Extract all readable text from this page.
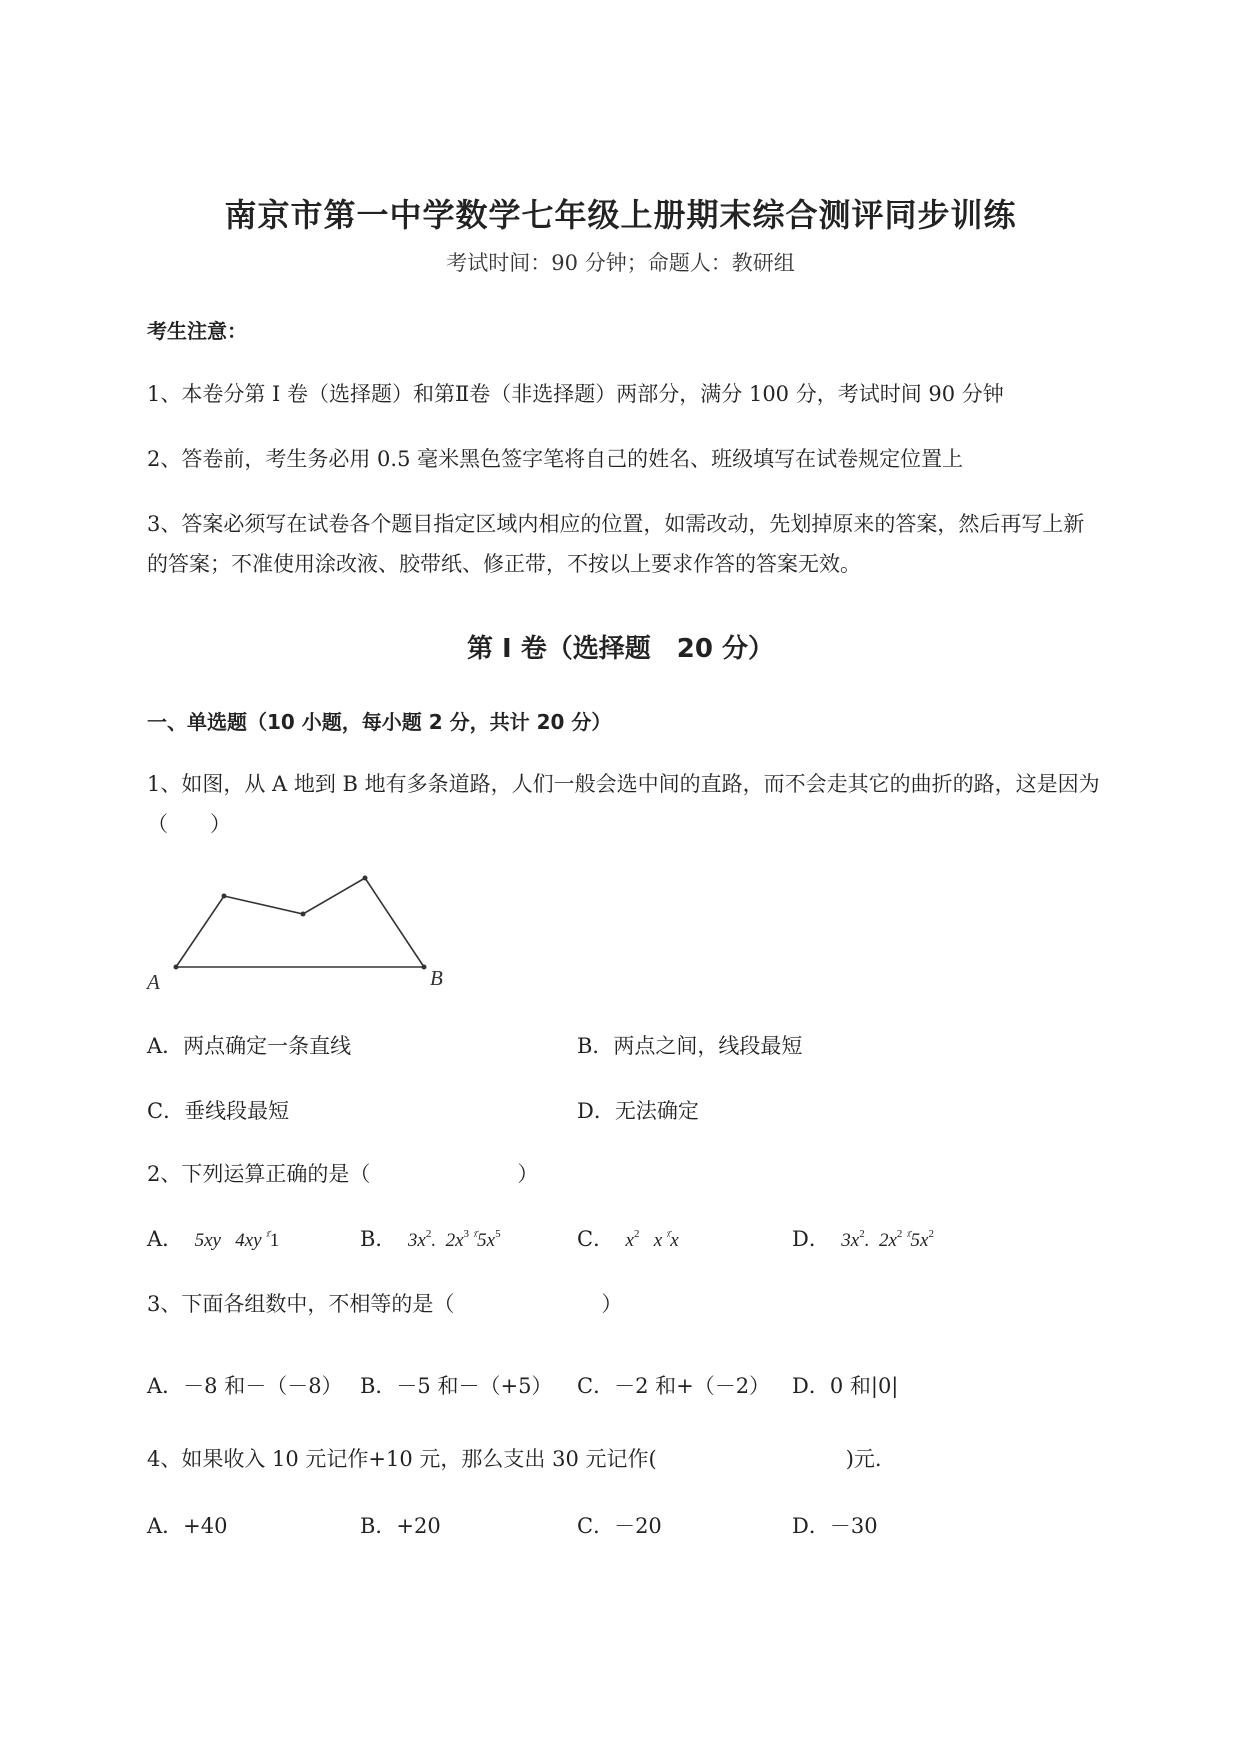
南京市第一中学数学七年级上册期末综合测评同步训练
考试时间：90 分钟；命题人：教研组
考生注意：
1、本卷分第 I 卷（选择题）和第Ⅱ卷（非选择题）两部分，满分 100 分，考试时间 90 分钟
2、答卷前，考生务必用 0.5 毫米黑色签字笔将自己的姓名、班级填写在试卷规定位置上
3、答案必须写在试卷各个题目指定区域内相应的位置，如需改动，先划掉原来的答案，然后再写上新
的答案；不准使用涂改液、胶带纸、修正带，不按以上要求作答的答案无效。
第 I 卷（选择题　20 分）
一、单选题（10 小题，每小题 2 分，共计 20 分）
1、如图，从 A 地到 B 地有多条道路，人们一般会选中间的直路，而不会走其它的曲折的路，这是因为
（　　）
A	B
A．两点确定一条直线	B．两点之间，线段最短
C．垂线段最短	D．无法确定
2、下列运算正确的是（　　　　　　　）
A． 5xy 4xy $^{ᵡ᷄}$1	B． $3x^2$.  $2x^3$ $^{ᵡ᷄}5x^5$	C． $x^2$ x $^{ᵡ᷄}$x	D． $3x^2$.  $2x^2$ $^{ᵡ᷄}5x^2$
3、下面各组数中，不相等的是（　　　　　　　）
A．－8 和－（－8） B．－5 和－（+5） C．－2 和+（－2） D．0 和|0|
4、如果收入 10 元记作+10 元，那么支出 30 元记作(　　　　　　　　　)元.
A．+40	B．+20	C．－20	D．－30
